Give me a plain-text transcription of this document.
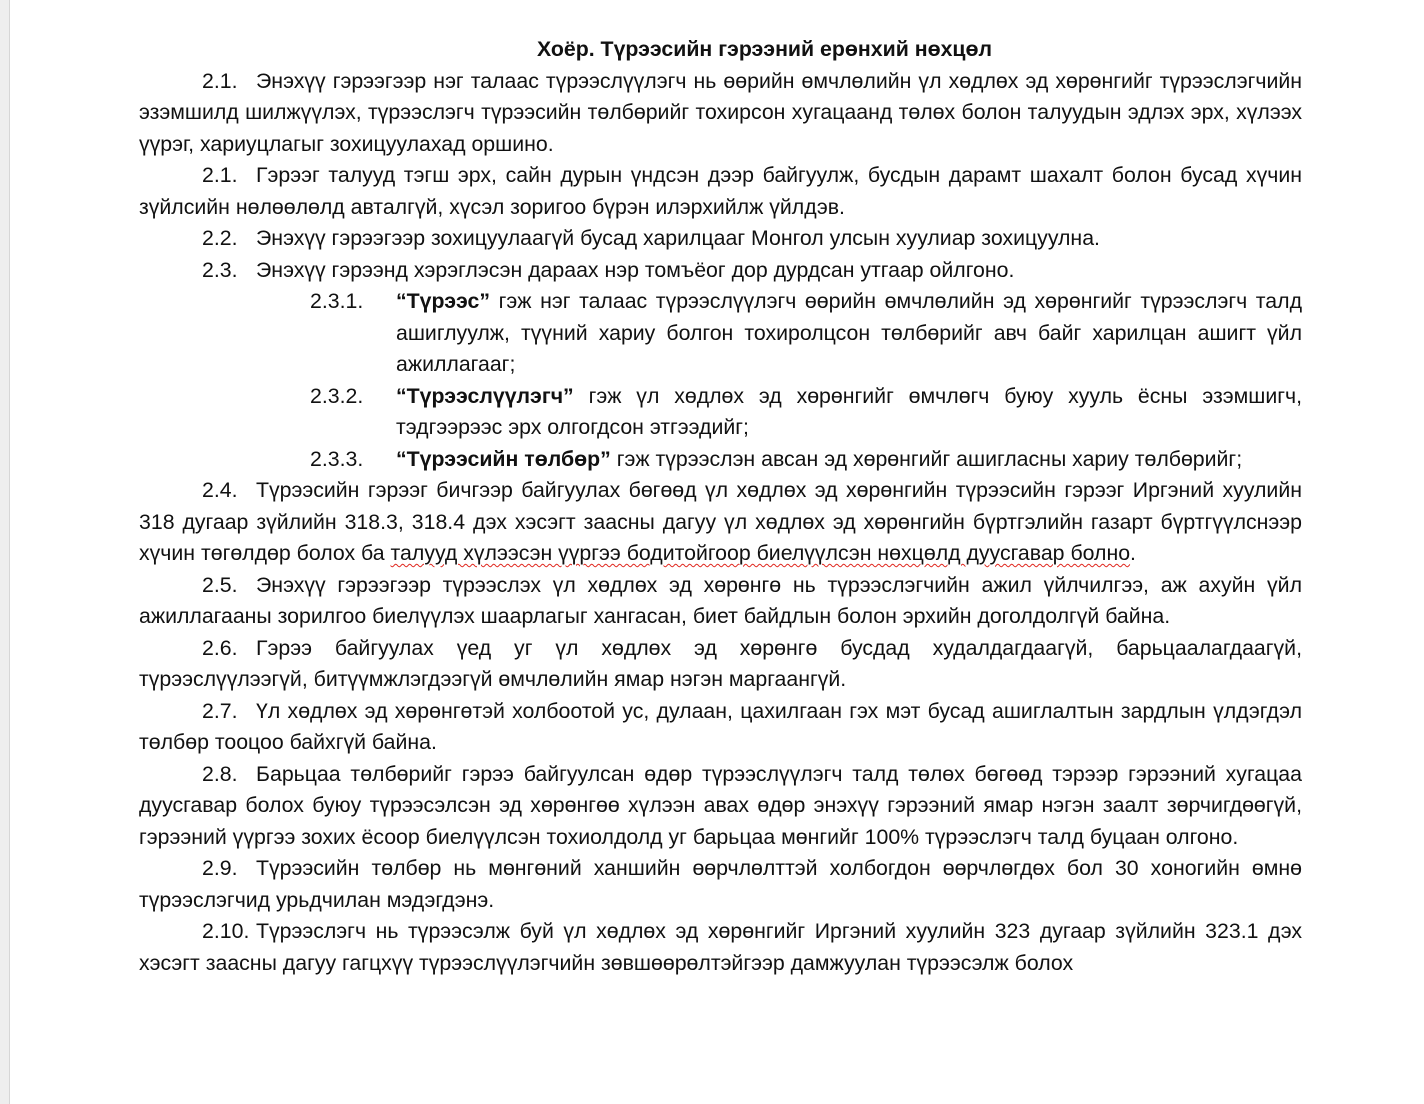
Хоёр. Түрээсийн гэрээний ерөнхий нөхцөл

2.1. Энэхүү гэрээгээр нэг талаас түрээслүүлэгч нь өөрийн өмчлөлийн үл хөдлөх эд хөрөнгийг түрээслэгчийн эзэмшилд шилжүүлэх, түрээслэгч түрээсийн төлбөрийг тохирсон хугацаанд төлөх болон талуудын эдлэх эрх, хүлээх үүрэг, хариуцлагыг зохицуулахад оршино.

2.1. Гэрээг талууд тэгш эрх, сайн дурын үндсэн дээр байгуулж, бусдын дарамт шахалт болон бусад хүчин зүйлсийн нөлөөлөлд авталгүй, хүсэл зоригоо бүрэн илэрхийлж үйлдэв.

2.2. Энэхүү гэрээгээр зохицуулаагүй бусад харилцааг Монгол улсын хуулиар зохицуулна.

2.3. Энэхүү гэрээнд хэрэглэсэн дараах нэр томъёог дор дурдсан утгаар ойлгоно.

2.3.1. “Түрээс” гэж нэг талаас түрээслүүлэгч өөрийн өмчлөлийн эд хөрөнгийг түрээслэгч талд ашиглуулж, түүний хариу болгон тохиролцсон төлбөрийг авч байг харилцан ашигт үйл ажиллагааг;

2.3.2. “Түрээслүүлэгч” гэж үл хөдлөх эд хөрөнгийг өмчлөгч буюу хууль ёсны эзэмшигч, тэдгээрээс эрх олгогдсон этгээдийг;

2.3.3. “Түрээсийн төлбөр” гэж түрээслэн авсан эд хөрөнгийг ашигласны хариу төлбөрийг;

2.4. Түрээсийн гэрээг бичгээр байгуулах бөгөөд үл хөдлөх эд хөрөнгийн түрээсийн гэрээг Иргэний хуулийн 318 дугаар зүйлийн 318.3, 318.4 дэх хэсэгт заасны дагуу үл хөдлөх эд хөрөнгийн бүртгэлийн газарт бүртгүүлснээр хүчин төгөлдөр болох ба талууд хүлээсэн үүргээ бодитойгоор биелүүлсэн нөхцөлд дуусгавар болно.

2.5. Энэхүү гэрээгээр түрээслэх үл хөдлөх эд хөрөнгө нь түрээслэгчийн ажил үйлчилгээ, аж ахуйн үйл ажиллагааны зорилгоо биелүүлэх шаарлагыг хангасан, биет байдлын болон эрхийн доголдолгүй байна.

2.6. Гэрээ байгуулах үед уг үл хөдлөх эд хөрөнгө бусдад худалдагдаагүй, барьцаалагдаагүй, түрээслүүлээгүй, битүүмжлэгдээгүй өмчлөлийн ямар нэгэн маргаангүй.

2.7. Үл хөдлөх эд хөрөнгөтэй холбоотой ус, дулаан, цахилгаан гэх мэт бусад ашиглалтын зардлын үлдэгдэл төлбөр тооцоо байхгүй байна.

2.8. Барьцаа төлбөрийг гэрээ байгуулсан өдөр түрээслүүлэгч талд төлөх бөгөөд тэрээр гэрээний хугацаа дуусгавар болох буюу түрээсэлсэн эд хөрөнгөө хүлээн авах өдөр энэхүү гэрээний ямар нэгэн заалт зөрчигдөөгүй, гэрээний үүргээ зохих ёсоор биелүүлсэн тохиолдолд уг барьцаа мөнгийг 100% түрээслэгч талд буцаан олгоно.

2.9. Түрээсийн төлбөр нь мөнгөний ханшийн өөрчлөлттэй холбогдон өөрчлөгдөх бол 30 хоногийн өмнө түрээслэгчид урьдчилан мэдэгдэнэ.

2.10. Түрээслэгч нь түрээсэлж буй үл хөдлөх эд хөрөнгийг Иргэний хуулийн 323 дугаар зүйлийн 323.1 дэх хэсэгт заасны дагуу гагцхүү түрээслүүлэгчийн зөвшөөрөлтэйгээр дамжуулан түрээсэлж болох
